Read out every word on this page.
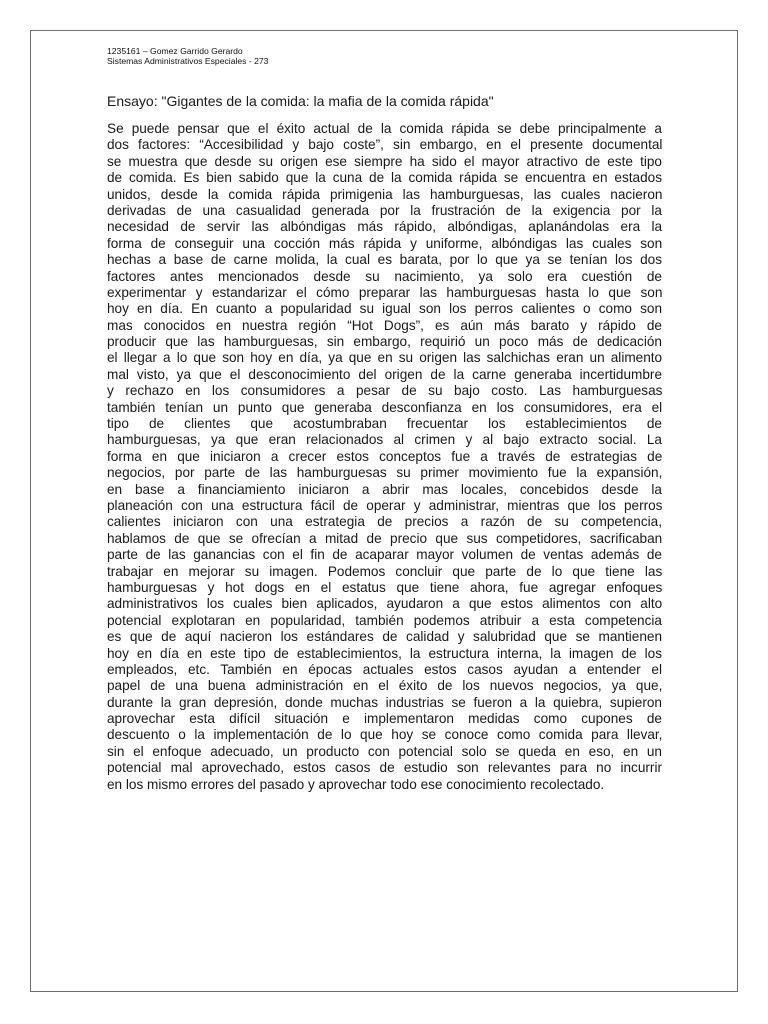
1235161 – Gomez Garrido Gerardo
Sistemas Administrativos Especiales - 273
Ensayo: "Gigantes de la comida: la mafia de la comida rápida"
Se puede pensar que el éxito actual de la comida rápida se debe principalmente a
dos factores: “Accesibilidad y bajo coste”, sin embargo, en el presente documental
se muestra que desde su origen ese siempre ha sido el mayor atractivo de este tipo
de comida. Es bien sabido que la cuna de la comida rápida se encuentra en estados
unidos, desde la comida rápida primigenia las hamburguesas, las cuales nacieron
derivadas de una casualidad generada por la frustración de la exigencia por la
necesidad de servir las albóndigas más rápido, albóndigas, aplanándolas era la
forma de conseguir una cocción más rápida y uniforme, albóndigas las cuales son
hechas a base de carne molida, la cual es barata, por lo que ya se tenían los dos
factores antes mencionados desde su nacimiento, ya solo era cuestión de
experimentar y estandarizar el cómo preparar las hamburguesas hasta lo que son
hoy en día. En cuanto a popularidad su igual son los perros calientes o como son
mas conocidos en nuestra región “Hot Dogs”, es aún más barato y rápido de
producir que las hamburguesas, sin embargo, requirió un poco más de dedicación
el llegar a lo que son hoy en día, ya que en su origen las salchichas eran un alimento
mal visto, ya que el desconocimiento del origen de la carne generaba incertidumbre
y rechazo en los consumidores a pesar de su bajo costo. Las hamburguesas
también tenían un punto que generaba desconfianza en los consumidores, era el
tipo de clientes que acostumbraban frecuentar los establecimientos de
hamburguesas, ya que eran relacionados al crimen y al bajo extracto social. La
forma en que iniciaron a crecer estos conceptos fue a través de estrategias de
negocios, por parte de las hamburguesas su primer movimiento fue la expansión,
en base a financiamiento iniciaron a abrir mas locales, concebidos desde la
planeación con una estructura fácil de operar y administrar, mientras que los perros
calientes iniciaron con una estrategia de precios a razón de su competencia,
hablamos de que se ofrecían a mitad de precio que sus competidores, sacrificaban
parte de las ganancias con el fin de acaparar mayor volumen de ventas además de
trabajar en mejorar su imagen. Podemos concluir que parte de lo que tiene las
hamburguesas y hot dogs en el estatus que tiene ahora, fue agregar enfoques
administrativos los cuales bien aplicados, ayudaron a que estos alimentos con alto
potencial explotaran en popularidad, también podemos atribuir a esta competencia
es que de aquí nacieron los estándares de calidad y salubridad que se mantienen
hoy en día en este tipo de establecimientos, la estructura interna, la imagen de los
empleados, etc. También en épocas actuales estos casos ayudan a entender el
papel de una buena administración en el éxito de los nuevos negocios, ya que,
durante la gran depresión, donde muchas industrias se fueron a la quiebra, supieron
aprovechar esta difícil situación e implementaron medidas como cupones de
descuento o la implementación de lo que hoy se conoce como comida para llevar,
sin el enfoque adecuado, un producto con potencial solo se queda en eso, en un
potencial mal aprovechado, estos casos de estudio son relevantes para no incurrir
en los mismo errores del pasado y aprovechar todo ese conocimiento recolectado.
